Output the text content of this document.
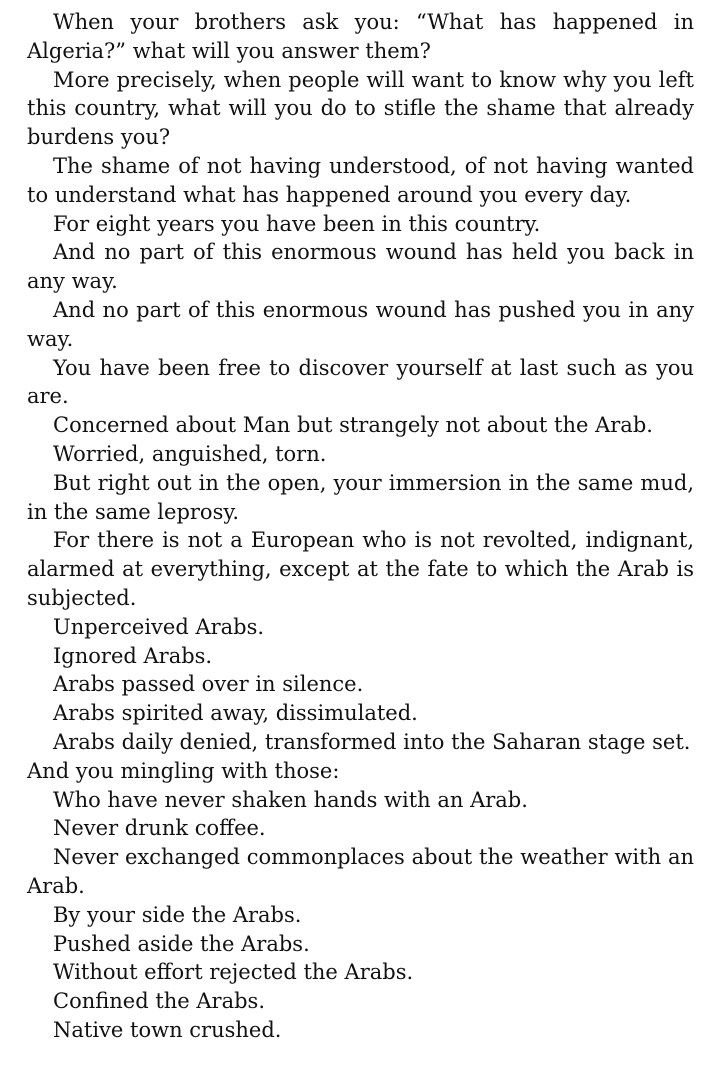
When your brothers ask you: “What has happened in Algeria?” what will you answer them?

More precisely, when people will want to know why you left this country, what will you do to stifle the shame that already burdens you?

The shame of not having understood, of not having wanted to understand what has happened around you every day.

For eight years you have been in this country.

And no part of this enormous wound has held you back in any way.

And no part of this enormous wound has pushed you in any way.

You have been free to discover yourself at last such as you are.

Concerned about Man but strangely not about the Arab.

Worried, anguished, torn.

But right out in the open, your immersion in the same mud, in the same leprosy.

For there is not a European who is not revolted, indignant, alarmed at everything, except at the fate to which the Arab is subjected.

Unperceived Arabs.

Ignored Arabs.

Arabs passed over in silence.

Arabs spirited away, dissimulated.

Arabs daily denied, transformed into the Saharan stage set.

And you mingling with those:

Who have never shaken hands with an Arab.

Never drunk coffee.

Never exchanged commonplaces about the weather with an Arab.

By your side the Arabs.

Pushed aside the Arabs.

Without effort rejected the Arabs.

Confined the Arabs.

Native town crushed.
